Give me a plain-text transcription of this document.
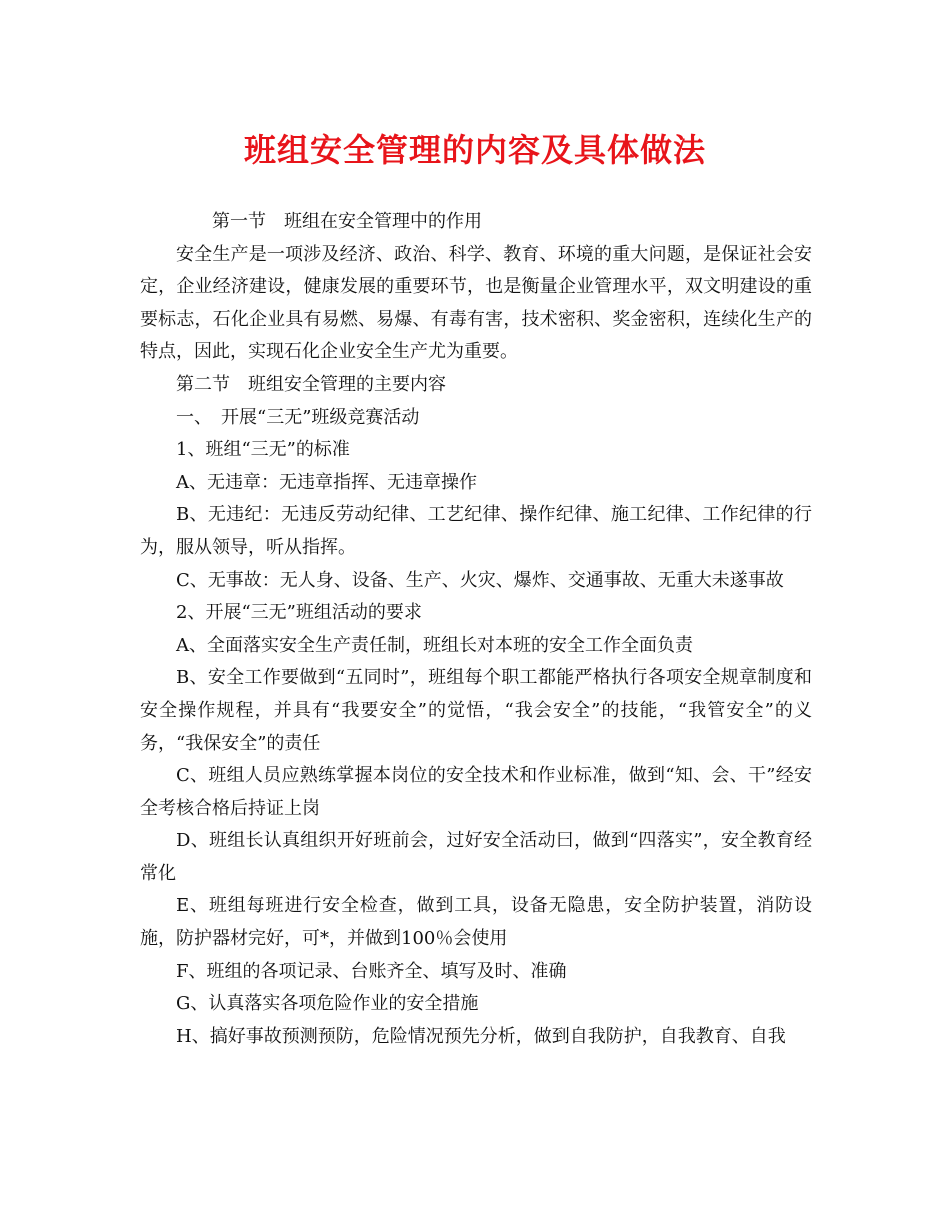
班组安全管理的内容及具体做法

第一节　班组在安全管理中的作用

安全生产是一项涉及经济、政治、科学、教育、环境的重大问题，是保证社会安定，企业经济建设，健康发展的重要环节，也是衡量企业管理水平，双文明建设的重要标志，石化企业具有易燃、易爆、有毒有害，技术密积、奖金密积，连续化生产的特点，因此，实现石化企业安全生产尤为重要。

第二节　班组安全管理的主要内容

一、　开展“三无”班级竞赛活动

1、班组“三无”的标准

A、无违章：无违章指挥、无违章操作

B、无违纪：无违反劳动纪律、工艺纪律、操作纪律、施工纪律、工作纪律的行为，服从领导，听从指挥。

C、无事故：无人身、设备、生产、火灾、爆炸、交通事故、无重大未遂事故

2、开展“三无”班组活动的要求

A、全面落实安全生产责任制，班组长对本班的安全工作全面负责

B、安全工作要做到“五同时”，班组每个职工都能严格执行各项安全规章制度和安全操作规程，并具有“我要安全”的觉悟，“我会安全”的技能，“我管安全”的义务，“我保安全”的责任

C、班组人员应熟练掌握本岗位的安全技术和作业标准，做到“知、会、干”经安全考核合格后持证上岗

D、班组长认真组织开好班前会，过好安全活动曰，做到“四落实”，安全教育经常化

E、班组每班进行安全检查，做到工具，设备无隐患，安全防护装置，消防设施，防护器材完好，可*，并做到100％会使用

F、班组的各项记录、台账齐全、填写及时、准确

G、认真落实各项危险作业的安全措施

H、搞好事故预测预防，危险情况预先分析，做到自我防护，自我教育、自我
